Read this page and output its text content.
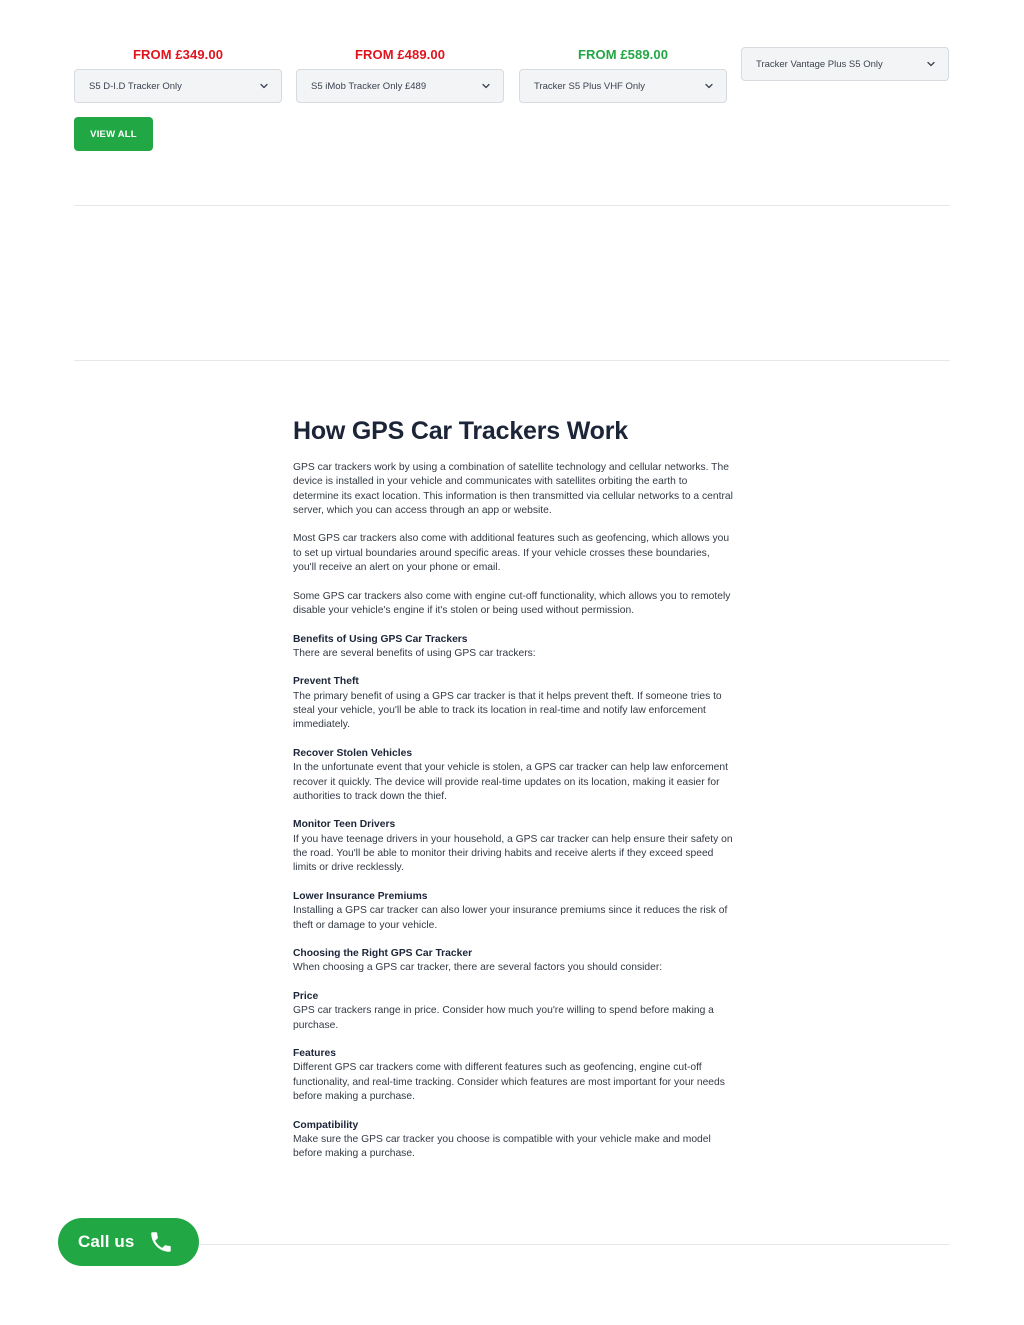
FROM £349.00
S5 D-I.D Tracker Only
FROM £489.00
S5 iMob Tracker Only £489
FROM £589.00
Tracker S5 Plus VHF Only
Tracker Vantage Plus S5 Only
VIEW ALL
How GPS Car Trackers Work

GPS car trackers work by using a combination of satellite technology and cellular networks. The device is installed in your vehicle and communicates with satellites orbiting the earth to determine its exact location. This information is then transmitted via cellular networks to a central server, which you can access through an app or website.

Most GPS car trackers also come with additional features such as geofencing, which allows you to set up virtual boundaries around specific areas. If your vehicle crosses these boundaries, you'll receive an alert on your phone or email.

Some GPS car trackers also come with engine cut-off functionality, which allows you to remotely disable your vehicle's engine if it's stolen or being used without permission.

Benefits of Using GPS Car Trackers
There are several benefits of using GPS car trackers:

Prevent Theft
The primary benefit of using a GPS car tracker is that it helps prevent theft. If someone tries to steal your vehicle, you'll be able to track its location in real-time and notify law enforcement immediately.

Recover Stolen Vehicles
In the unfortunate event that your vehicle is stolen, a GPS car tracker can help law enforcement recover it quickly. The device will provide real-time updates on its location, making it easier for authorities to track down the thief.

Monitor Teen Drivers
If you have teenage drivers in your household, a GPS car tracker can help ensure their safety on the road. You'll be able to monitor their driving habits and receive alerts if they exceed speed limits or drive recklessly.

Lower Insurance Premiums
Installing a GPS car tracker can also lower your insurance premiums since it reduces the risk of theft or damage to your vehicle.

Choosing the Right GPS Car Tracker
When choosing a GPS car tracker, there are several factors you should consider:

Price
GPS car trackers range in price. Consider how much you're willing to spend before making a purchase.

Features
Different GPS car trackers come with different features such as geofencing, engine cut-off functionality, and real-time tracking. Consider which features are most important for your needs before making a purchase.

Compatibility
Make sure the GPS car tracker you choose is compatible with your vehicle make and model before making a purchase.

Call us
